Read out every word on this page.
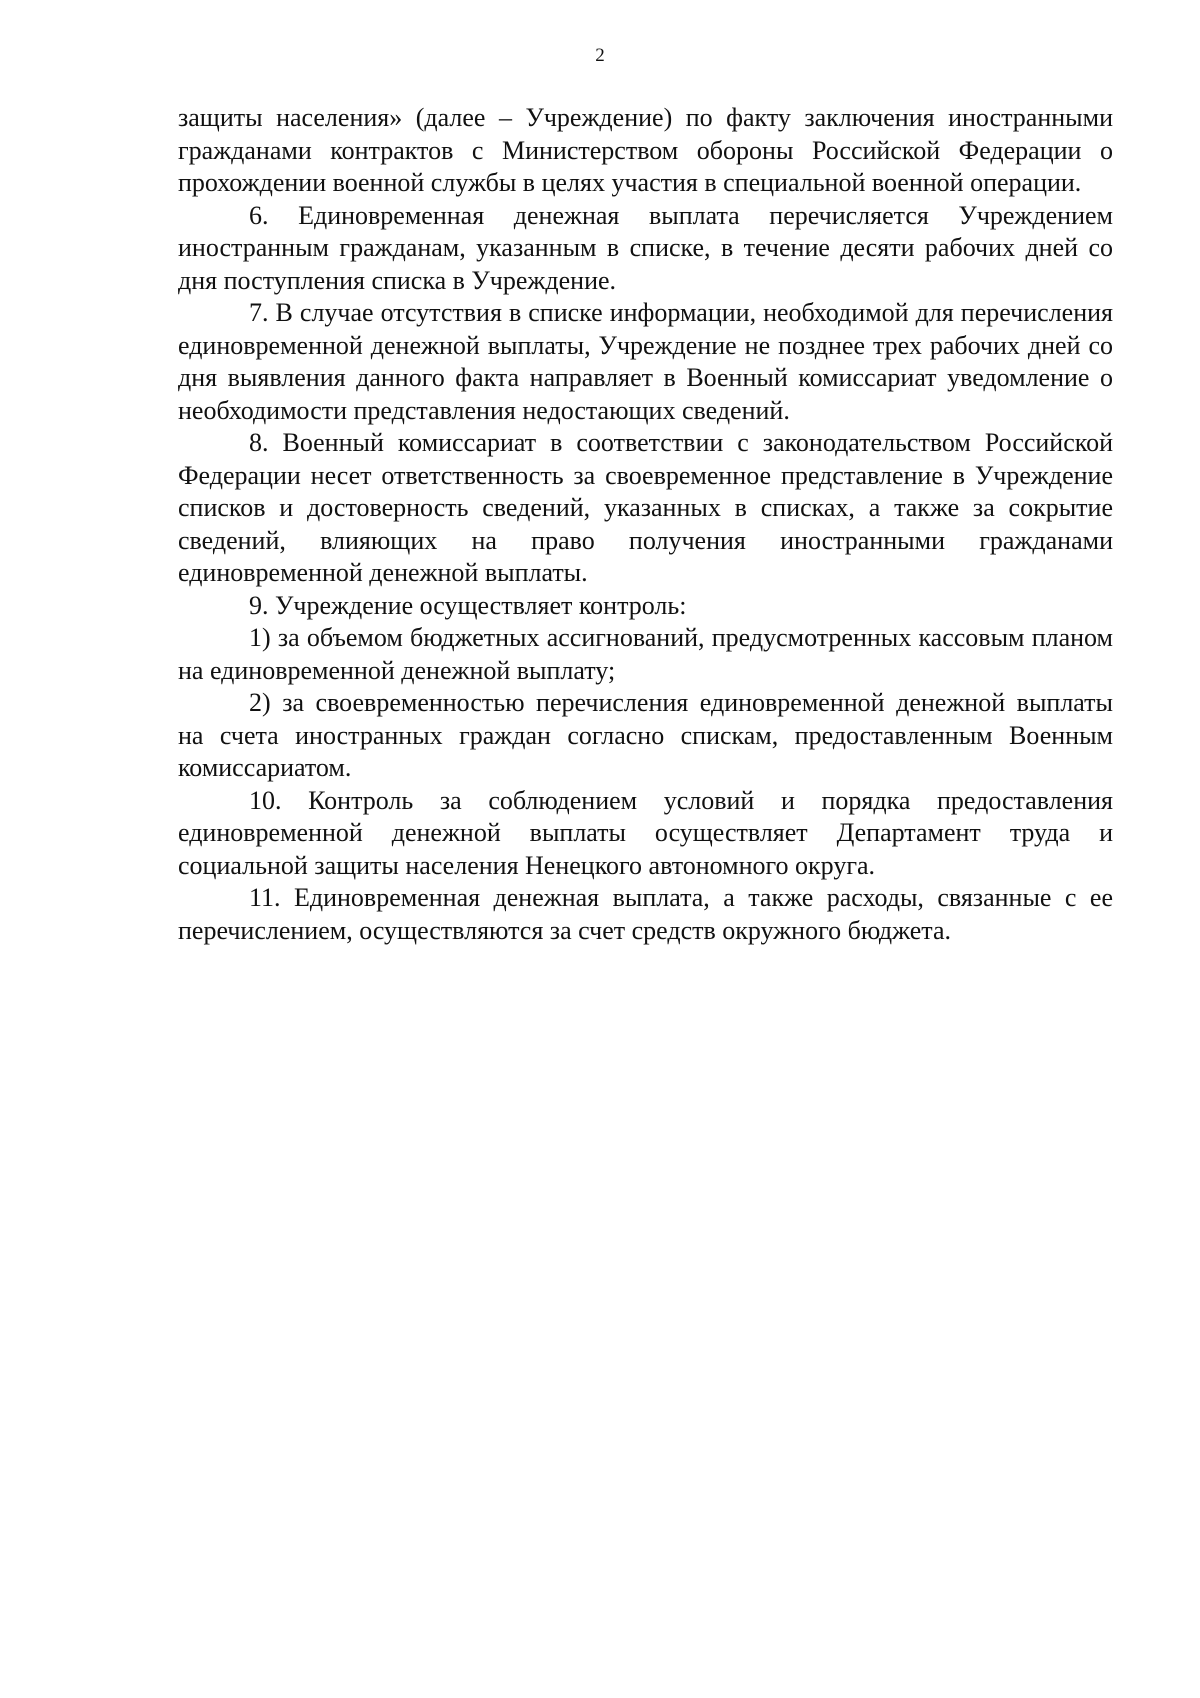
2

защиты населения» (далее – Учреждение) по факту заключения иностранными гражданами контрактов с Министерством обороны Российской Федерации о прохождении военной службы в целях участия в специальной военной операции.

6. Единовременная денежная выплата перечисляется Учреждением иностранным гражданам, указанным в списке, в течение десяти рабочих дней со дня поступления списка в Учреждение.

7. В случае отсутствия в списке информации, необходимой для перечисления единовременной денежной выплаты, Учреждение не позднее трех рабочих дней со дня выявления данного факта направляет в Военный комиссариат уведомление о необходимости представления недостающих сведений.

8. Военный комиссариат в соответствии с законодательством Российской Федерации несет ответственность за своевременное представление в Учреждение списков и достоверность сведений, указанных в списках, а также за сокрытие сведений, влияющих на право получения иностранными гражданами единовременной денежной выплаты.

9. Учреждение осуществляет контроль:

1) за объемом бюджетных ассигнований, предусмотренных кассовым планом на единовременной денежной выплату;

2) за своевременностью перечисления единовременной денежной выплаты на счета иностранных граждан согласно спискам, предоставленным Военным комиссариатом.

10. Контроль за соблюдением условий и порядка предоставления единовременной денежной выплаты осуществляет Департамент труда и социальной защиты населения Ненецкого автономного округа.

11. Единовременная денежная выплата, а также расходы, связанные с ее перечислением, осуществляются за счет средств окружного бюджета.
